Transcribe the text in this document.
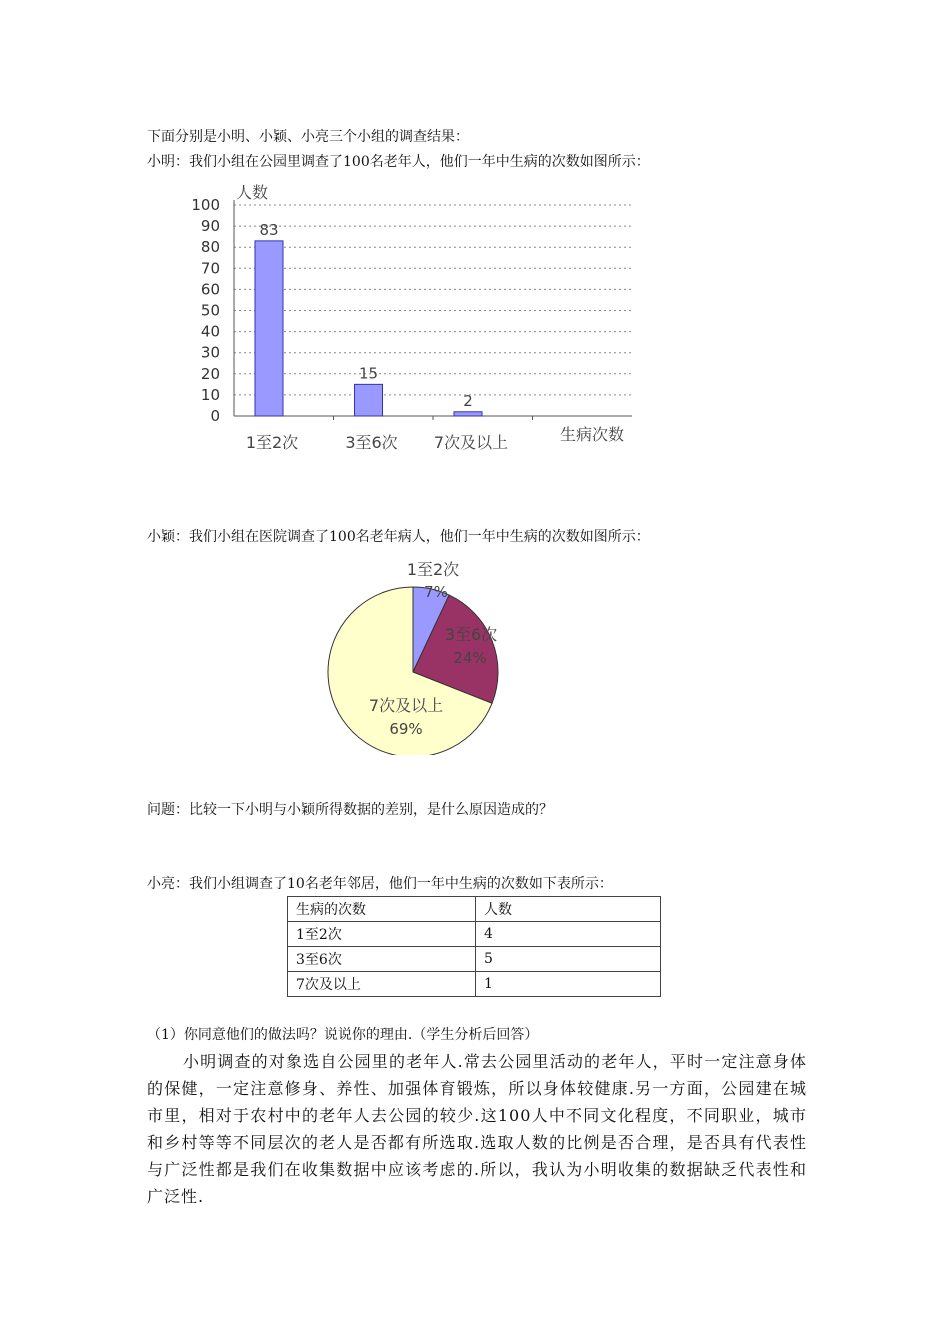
下面分别是小明、小颖、小亮三个小组的调查结果：
小明：我们小组在公园里调查了100名老年人，他们一年中生病的次数如图所示：
0
10
20
30
40
50
60
70
80
90
100
83
15
2
1至2次	3至6次 7次及以上
人数
生病次数
小颖：我们小组在医院调查了100名老年病人，他们一年中生病的次数如图所示：
1至2次
7%
3至6次
24%
7次及以上
69%
问题：比较一下小明与小颖所得数据的差别，是什么原因造成的？
小亮：我们小组调查了10名老年邻居，他们一年中生病的次数如下表所示：
生病的次数	人数
1至2次	4
3至6次	5
7次及以上	1
（1）你同意他们的做法吗？说说你的理由.（学生分析后回答）
小明调查的对象选自公园里的老年人.常去公园里活动的老年人，平时一定注意身体的保健，一定注意修身、养性、加强体育锻炼，所以身体较健康.另一方面，公园建在城市里，相对于农村中的老年人去公园的较少.这100人中不同文化程度，不同职业，城市和乡村等等不同层次的老人是否都有所选取.选取人数的比例是否合理，是否具有代表性与广泛性都是我们在收集数据中应该考虑的.所以，我认为小明收集的数据缺乏代表性和广泛性.
